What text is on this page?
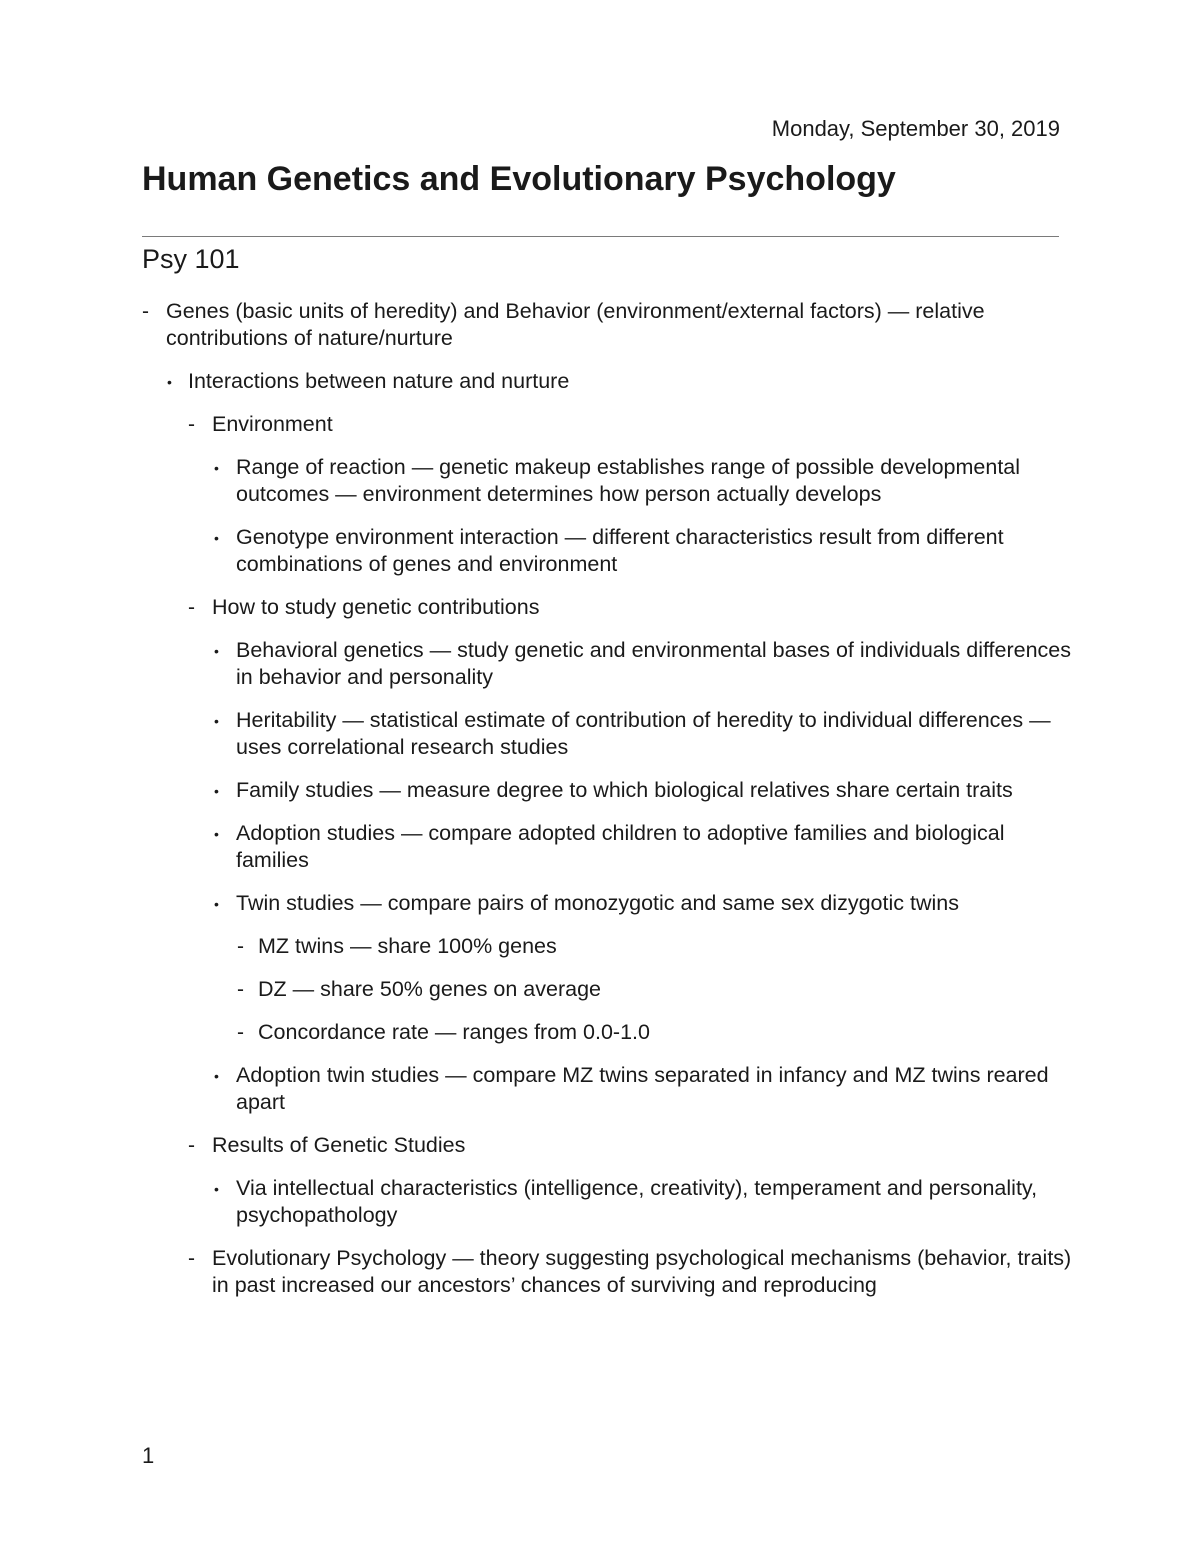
Monday, September 30, 2019
Human Genetics and Evolutionary Psychology
Psy 101
- Genes (basic units of heredity) and Behavior (environment/external factors) — relative contributions of nature/nurture
• Interactions between nature and nurture
- Environment
• Range of reaction — genetic makeup establishes range of possible developmental outcomes — environment determines how person actually develops
• Genotype environment interaction — different characteristics result from different combinations of genes and environment
- How to study genetic contributions
• Behavioral genetics — study genetic and environmental bases of individuals differences in behavior and personality
• Heritability — statistical estimate of contribution of heredity to individual differences — uses correlational research studies
• Family studies — measure degree to which biological relatives share certain traits
• Adoption studies — compare adopted children to adoptive families and biological families
• Twin studies — compare pairs of monozygotic and same sex dizygotic twins
- MZ twins — share 100% genes
- DZ — share 50% genes on average
- Concordance rate — ranges from 0.0-1.0
• Adoption twin studies — compare MZ twins separated in infancy and MZ twins reared apart
- Results of Genetic Studies
• Via intellectual characteristics (intelligence, creativity), temperament and personality, psychopathology
- Evolutionary Psychology — theory suggesting psychological mechanisms (behavior, traits) in past increased our ancestors’ chances of surviving and reproducing
1
